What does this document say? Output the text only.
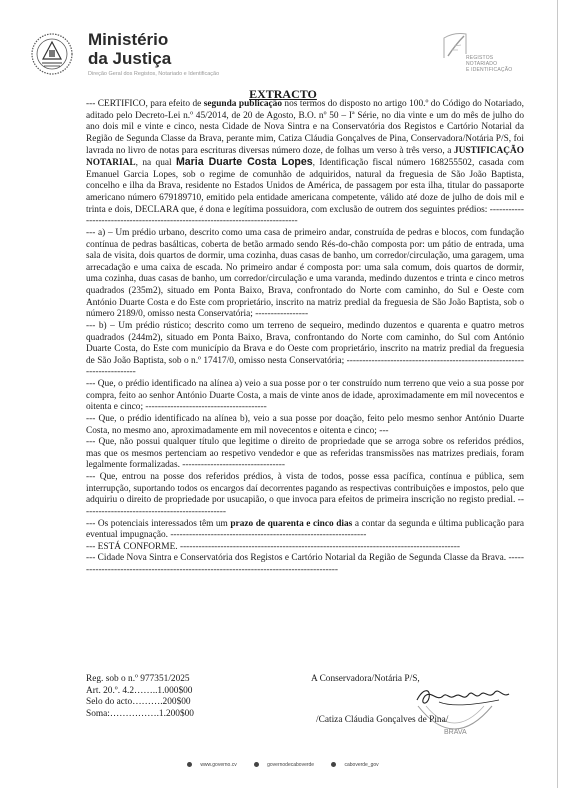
Ministério
da Justiça
Direção Geral dos Registos, Notariado e Identificação
REGISTOS
NOTARIADO
E IDENTIFICAÇÃO
EXTRACTO

--- CERTIFICO, para efeito de segunda publicação nos termos do disposto no artigo 100.º do Código do Notariado, aditado pelo Decreto-Lei n.º 45/2014, de 20 de Agosto, B.O. nº 50 – Iª Série, no dia vinte e um do mês de julho do ano dois mil e vinte e cinco, nesta Cidade de Nova Sintra e na Conservatória dos Registos e Cartório Notarial da Região de Segunda Classe da Brava, perante mim, Catiza Cláudia Gonçalves de Pina, Conservadora/Notária P/S, foi lavrada no livro de notas para escrituras diversas número doze, de folhas um verso à três verso, a JUSTIFICAÇÃO NOTARIAL, na qual Maria Duarte Costa Lopes, Identificação fiscal número 168255502, casada com Emanuel Garcia Lopes, sob o regime de comunhão de adquiridos, natural da freguesia de São João Baptista, concelho e ilha da Brava, residente no Estados Unidos de América, de passagem por esta ilha, titular do passaporte americano número 679189710, emitido pela entidade americana competente, válido até doze de julho de dois mil e trinta e dois, DECLARA que, é dona e legítima possuidora, com exclusão de outrem dos seguintes prédios: -------------------------------------------------------------------------------

--- a) – Um prédio urbano, descrito como uma casa de primeiro andar, construída de pedras e blocos, com fundação contínua de pedras basálticas, coberta de betão armado sendo Rés-do-chão composta por: um pátio de entrada, uma sala de visita, dois quartos de dormir, uma cozinha, duas casas de banho, um corredor/circulação, uma garagem, uma arrecadação e uma caixa de escada. No primeiro andar é composta por: uma sala comum, dois quartos de dormir, uma cozinha, duas casas de banho, um corredor/circulação e uma varanda, medindo duzentos e trinta e cinco metros quadrados (235m2), situado em Ponta Baixo, Brava, confrontado do Norte com caminho, do Sul e Oeste com António Duarte Costa e do Este com proprietário, inscrito na matriz predial da freguesia de São João Baptista, sob o número 2189/0, omisso nesta Conservatória; -----------------

--- b) – Um prédio rústico; descrito como um terreno de sequeiro, medindo duzentos e quarenta e quatro metros quadrados (244m2), situado em Ponta Baixo, Brava, confrontando do Norte com caminho, do Sul com António Duarte Costa, do Este com município da Brava e do Oeste com proprietário, inscrito na matriz predial da freguesia de São João Baptista, sob o n.º 17417/0, omisso nesta Conservatória; -------------------------------------------------------------------------

--- Que, o prédio identificado na alínea a) veio a sua posse por o ter construído num terreno que veio a sua posse por compra, feito ao senhor António Duarte Costa, a mais de vinte anos de idade, aproximadamente em mil novecentos e oitenta e cinco; ---------------------------------------

--- Que, o prédio identificado na alínea b), veio a sua posse por doação, feito pelo mesmo senhor António Duarte Costa, no mesmo ano, aproximadamente em mil novecentos e oitenta e cinco; ---

--- Que, não possui qualquer título que legitime o direito de propriedade que se arroga sobre os referidos prédios, mas que os mesmos pertenciam ao respetivo vendedor e que as referidas transmissões nas matrizes prediais, foram legalmente formalizadas. ---------------------------------

--- Que, entrou na posse dos referidos prédios, à vista de todos, posse essa pacífica, contínua e pública, sem interrupção, suportando todos os encargos daí decorrentes pagando as respectivas contribuições e impostos, pelo que adquiriu o direito de propriedade por usucapião, o que invoca para efeitos de primeira inscrição no registo predial. -----------------------------------------------

--- Os potenciais interessados têm um prazo de quarenta e cinco dias a contar da segunda e última publicação para eventual impugnação. ---------------------------------------------------------------

--- ESTÁ CONFORME. ------------------------------------------------------------------------------------------

--- Cidade Nova Sintra e Conservatória dos Registos e Cartório Notarial da Região de Segunda Classe da Brava. --------------------------------------------------------------------------------------

Reg. sob o n.º 977351/2025
Art. 20.º. 4.2……..1.000$00
Selo do acto……….200$00
Soma:…………….1.200$00
A Conservadora/Notária P/S,
BRAVA
/Catiza Cláudia Gonçalves de Pina/
www.governo.cv	governodecaboverde	caboverde_gov
